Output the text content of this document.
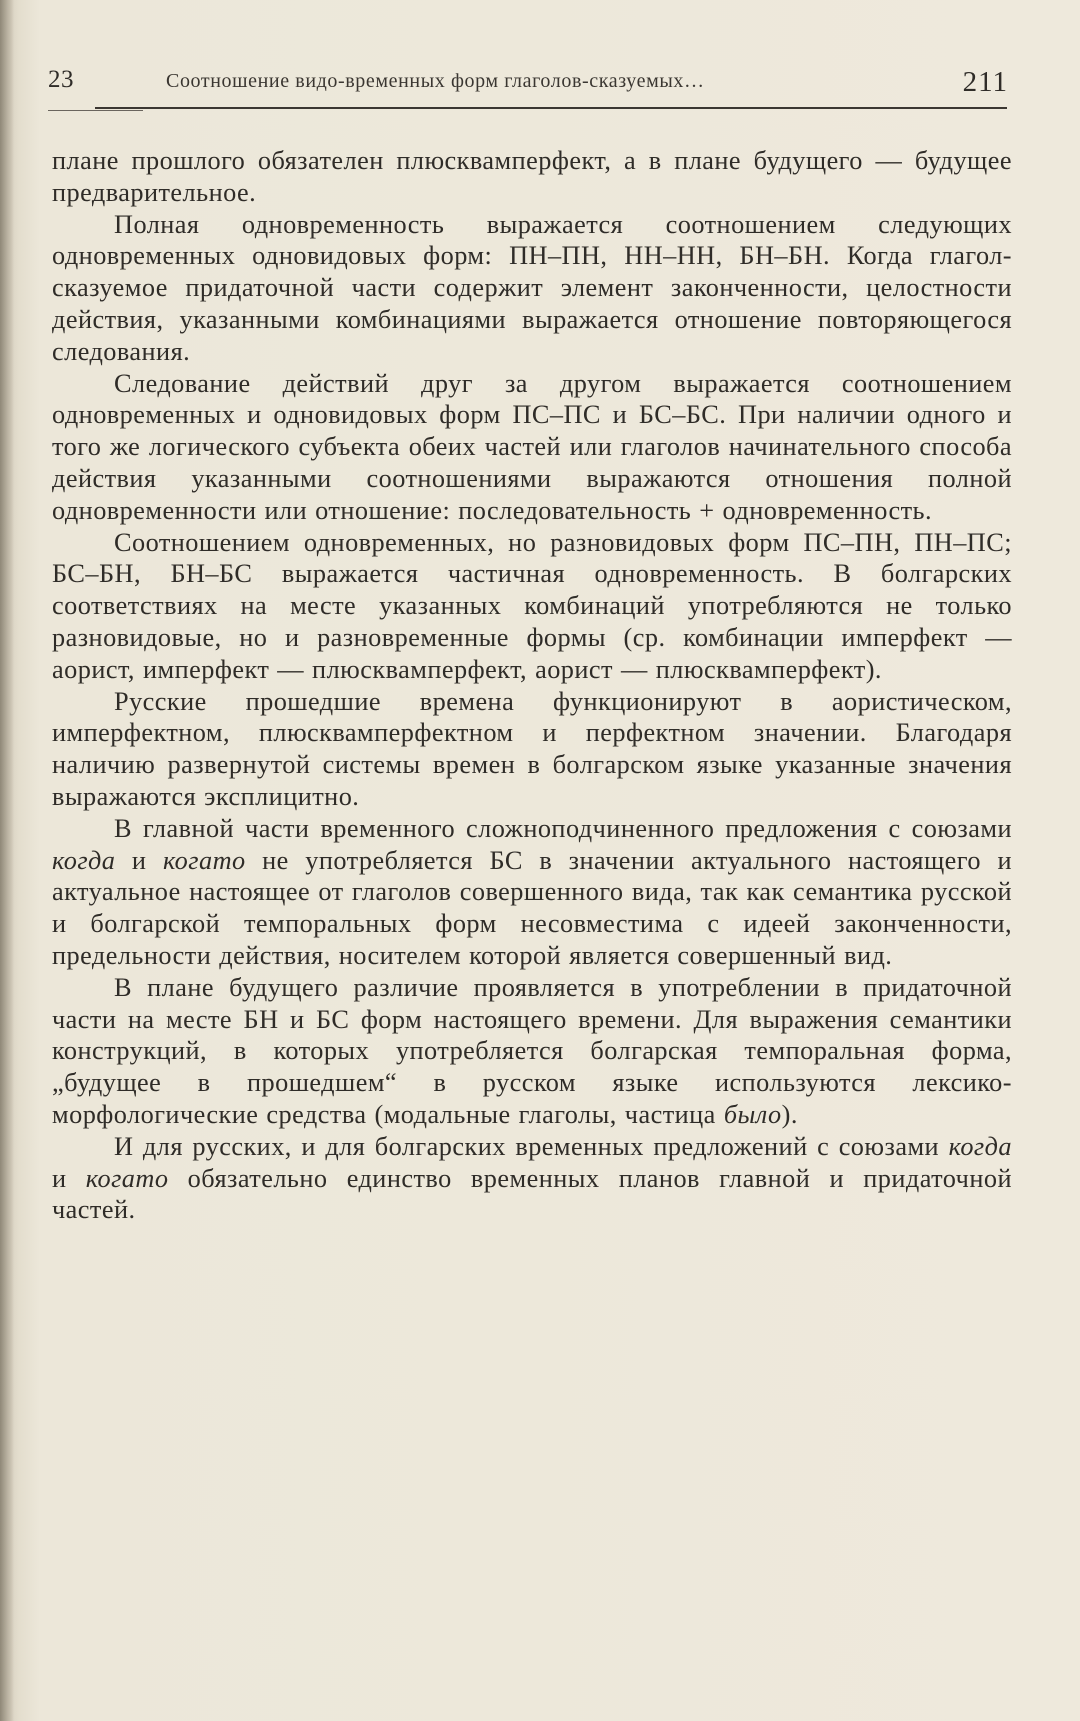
23	Соотношение видо-временных форм глаголов-сказуемых…	211

плане прошлого обязателен плюсквамперфект, а в плане будущего — будущее предварительное.

Полная одновременность выражается соотношением следующих одновременных одновидовых форм: ПН–ПН, НН–НН, БН–БН. Когда глагол-сказуемое придаточной части содержит элемент законченности, целостности действия, указанными комбинациями выражается отношение повторяющегося следования.

Следование действий друг за другом выражается соотношением одновременных и одновидовых форм ПС–ПС и БС–БС. При наличии одного и того же логического субъекта обеих частей или глаголов начинательного способа действия указанными соотношениями выражаются отношения полной одновременности или отношение: последовательность + одновременность.

Соотношением одновременных, но разновидовых форм ПС–ПН, ПН–ПС; БС–БН, БН–БС выражается частичная одновременность. В болгарских соответствиях на месте указанных комбинаций употребляются не только разновидовые, но и разновременные формы (ср. комбинации имперфект — аорист, имперфект — плюсквамперфект, аорист — плюсквамперфект).

Русские прошедшие времена функционируют в аористическом, имперфектном, плюсквамперфектном и перфектном значении. Благодаря наличию развернутой системы времен в болгарском языке указанные значения выражаются эксплицитно.

В главной части временного сложноподчиненного предложения с союзами когда и когато не употребляется БС в значении актуального настоящего и актуальное настоящее от глаголов совершенного вида, так как семантика русской и болгарской темпоральных форм несовместима с идеей законченности, предельности действия, носителем которой является совершенный вид.

В плане будущего различие проявляется в употреблении в придаточной части на месте БН и БС форм настоящего времени. Для выражения семантики конструкций, в которых употребляется болгарская темпоральная форма, „будущее в прошедшем“ в русском языке используются лексико-морфологические средства (модальные глаголы, частица было).

И для русских, и для болгарских временных предложений с союзами когда и когато обязательно единство временных планов главной и придаточной частей.
